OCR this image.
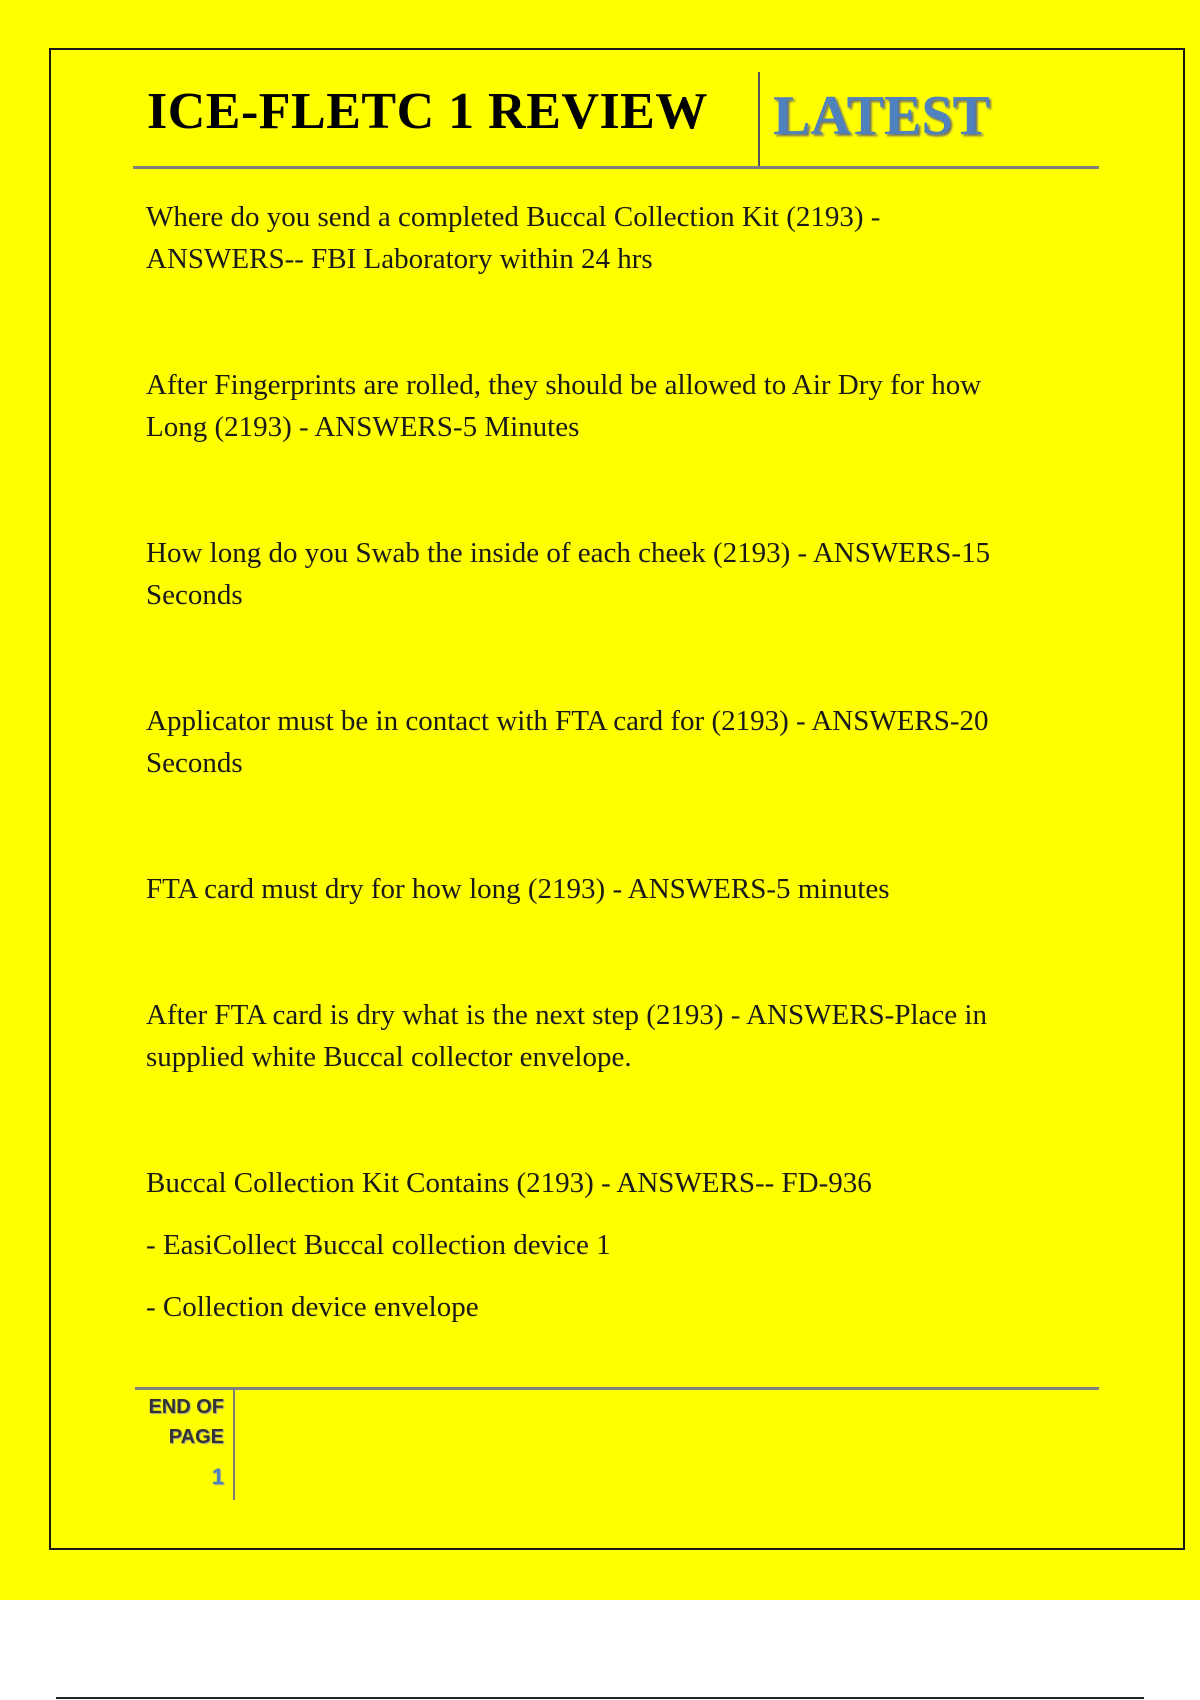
ICE-FLETC 1 REVIEW LATEST
Where do you send a completed Buccal Collection Kit (2193) -
ANSWERS-- FBI Laboratory within 24 hrs
After Fingerprints are rolled, they should be allowed to Air Dry for how
Long (2193) - ANSWERS-5 Minutes
How long do you Swab the inside of each cheek (2193) - ANSWERS-15
Seconds
Applicator must be in contact with FTA card for (2193) - ANSWERS-20
Seconds
FTA card must dry for how long (2193) - ANSWERS-5 minutes
After FTA card is dry what is the next step (2193) - ANSWERS-Place in
supplied white Buccal collector envelope.
Buccal Collection Kit Contains (2193) - ANSWERS-- FD-936
- EasiCollect Buccal collection device 1
- Collection device envelope
END OF
PAGE
1
